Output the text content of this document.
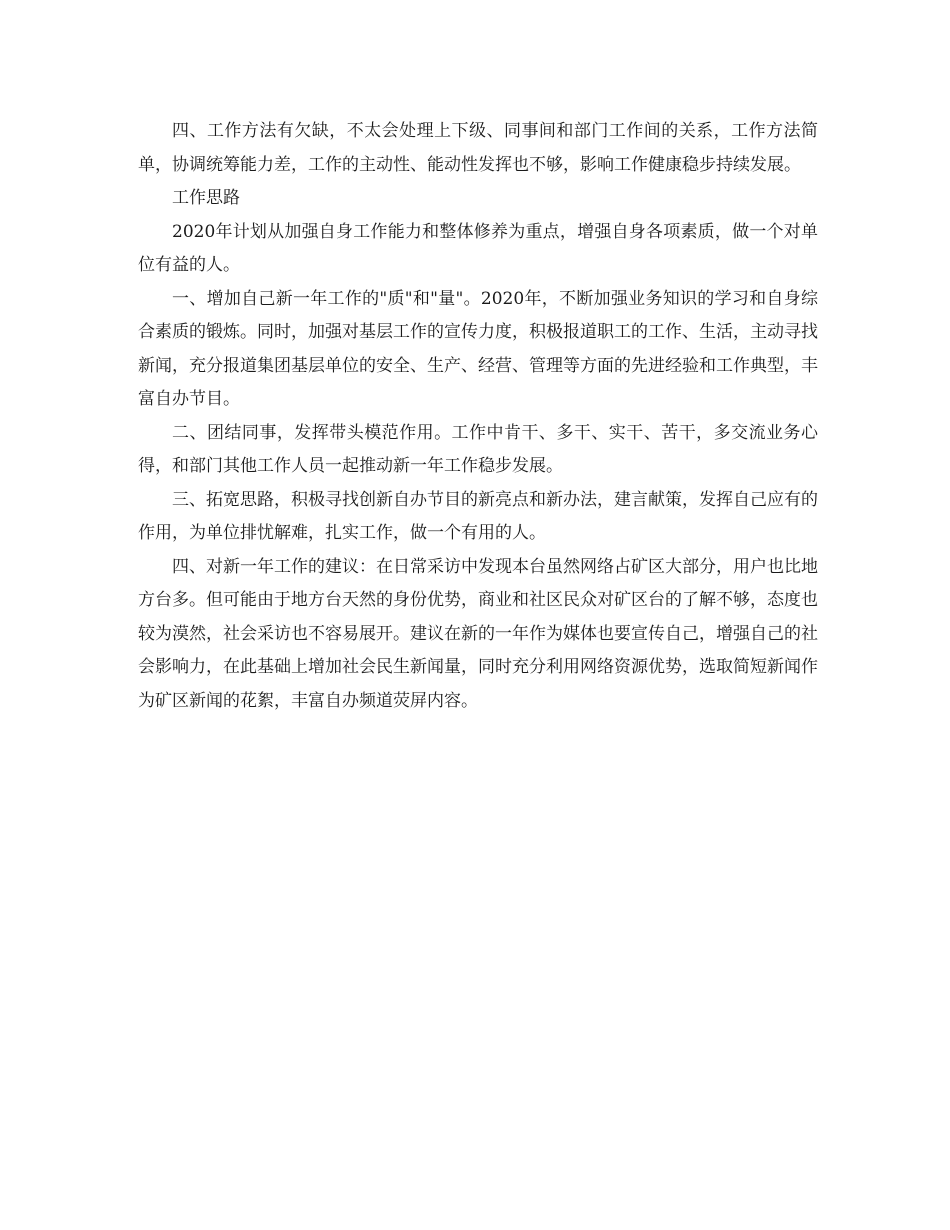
四、工作方法有欠缺，不太会处理上下级、同事间和部门工作间的关系，工作方法简单，协调统筹能力差，工作的主动性、能动性发挥也不够，影响工作健康稳步持续发展。

工作思路

2020年计划从加强自身工作能力和整体修养为重点，增强自身各项素质，做一个对单位有益的人。

一、增加自己新一年工作的"质"和"量"。2020年，不断加强业务知识的学习和自身综合素质的锻炼。同时，加强对基层工作的宣传力度，积极报道职工的工作、生活，主动寻找新闻，充分报道集团基层单位的安全、生产、经营、管理等方面的先进经验和工作典型，丰富自办节目。

二、团结同事，发挥带头模范作用。工作中肯干、多干、实干、苦干，多交流业务心得，和部门其他工作人员一起推动新一年工作稳步发展。

三、拓宽思路，积极寻找创新自办节目的新亮点和新办法，建言献策，发挥自己应有的作用，为单位排忧解难，扎实工作，做一个有用的人。

四、对新一年工作的建议：在日常采访中发现本台虽然网络占矿区大部分，用户也比地方台多。但可能由于地方台天然的身份优势，商业和社区民众对矿区台的了解不够，态度也较为漠然，社会采访也不容易展开。建议在新的一年作为媒体也要宣传自己，增强自己的社会影响力，在此基础上增加社会民生新闻量，同时充分利用网络资源优势，选取简短新闻作为矿区新闻的花絮，丰富自办频道荧屏内容。
